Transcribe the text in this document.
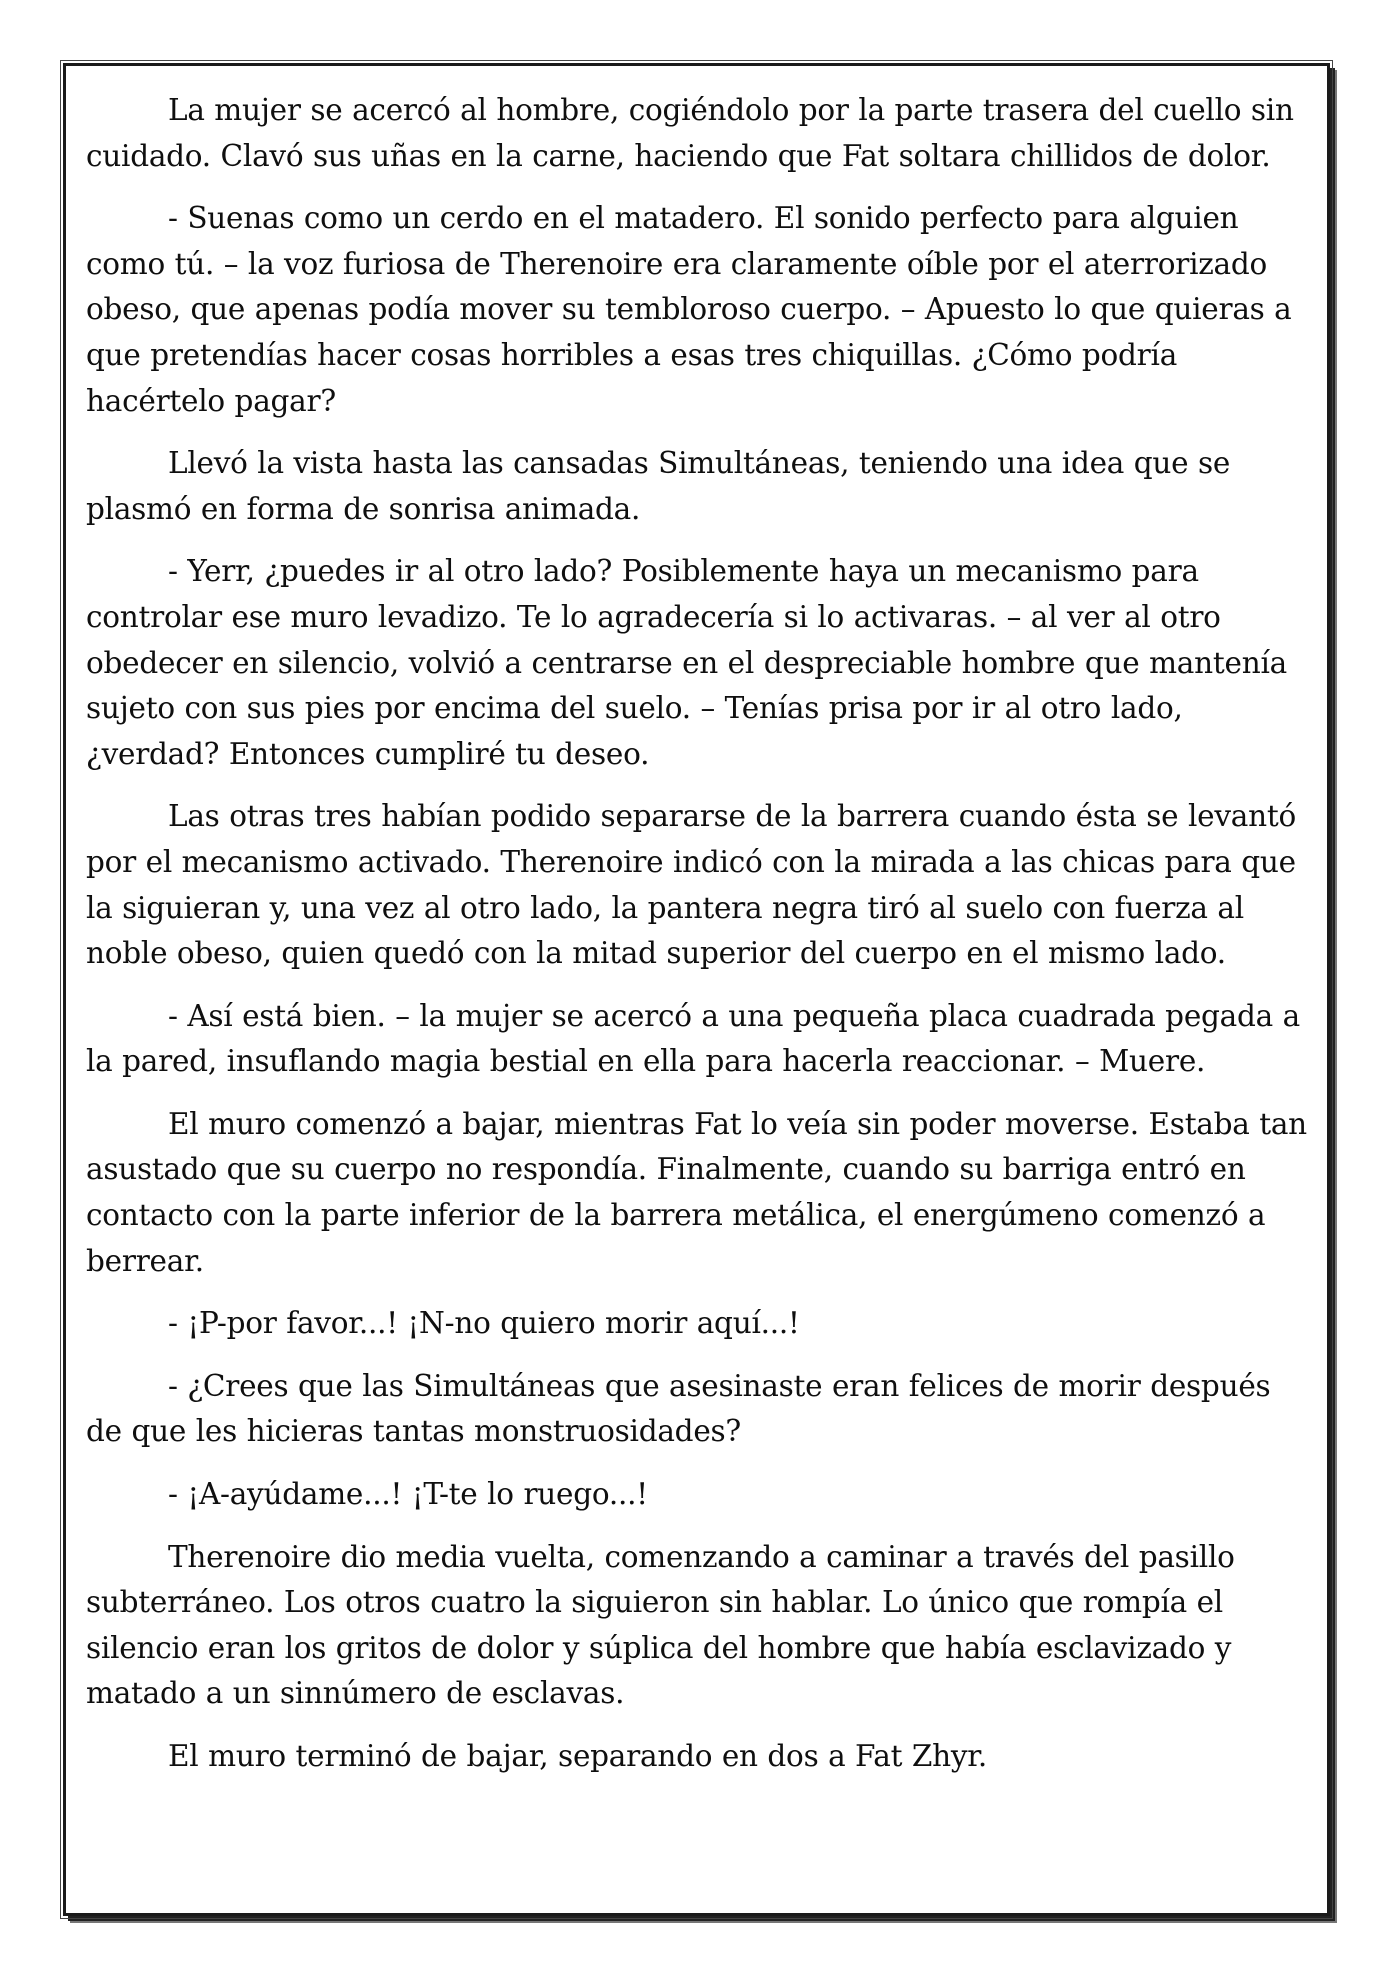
La mujer se acercó al hombre, cogiéndolo por la parte trasera del cuello sin cuidado. Clavó sus uñas en la carne, haciendo que Fat soltara chillidos de dolor.

- Suenas como un cerdo en el matadero. El sonido perfecto para alguien como tú. – la voz furiosa de Therenoire era claramente oíble por el aterrorizado obeso, que apenas podía mover su tembloroso cuerpo. – Apuesto lo que quieras a que pretendías hacer cosas horribles a esas tres chiquillas. ¿Cómo podría hacértelo pagar?

Llevó la vista hasta las cansadas Simultáneas, teniendo una idea que se plasmó en forma de sonrisa animada.

- Yerr, ¿puedes ir al otro lado? Posiblemente haya un mecanismo para controlar ese muro levadizo. Te lo agradecería si lo activaras. – al ver al otro obedecer en silencio, volvió a centrarse en el despreciable hombre que mantenía sujeto con sus pies por encima del suelo. – Tenías prisa por ir al otro lado, ¿verdad? Entonces cumpliré tu deseo.

Las otras tres habían podido separarse de la barrera cuando ésta se levantó por el mecanismo activado. Therenoire indicó con la mirada a las chicas para que la siguieran y, una vez al otro lado, la pantera negra tiró al suelo con fuerza al noble obeso, quien quedó con la mitad superior del cuerpo en el mismo lado.

- Así está bien. – la mujer se acercó a una pequeña placa cuadrada pegada a la pared, insuflando magia bestial en ella para hacerla reaccionar. – Muere.

El muro comenzó a bajar, mientras Fat lo veía sin poder moverse. Estaba tan asustado que su cuerpo no respondía. Finalmente, cuando su barriga entró en contacto con la parte inferior de la barrera metálica, el energúmeno comenzó a berrear.

- ¡P-por favor...! ¡N-no quiero morir aquí...!

- ¿Crees que las Simultáneas que asesinaste eran felices de morir después de que les hicieras tantas monstruosidades?

- ¡A-ayúdame...! ¡T-te lo ruego...!

Therenoire dio media vuelta, comenzando a caminar a través del pasillo subterráneo. Los otros cuatro la siguieron sin hablar. Lo único que rompía el silencio eran los gritos de dolor y súplica del hombre que había esclavizado y matado a un sinnúmero de esclavas.

El muro terminó de bajar, separando en dos a Fat Zhyr.
